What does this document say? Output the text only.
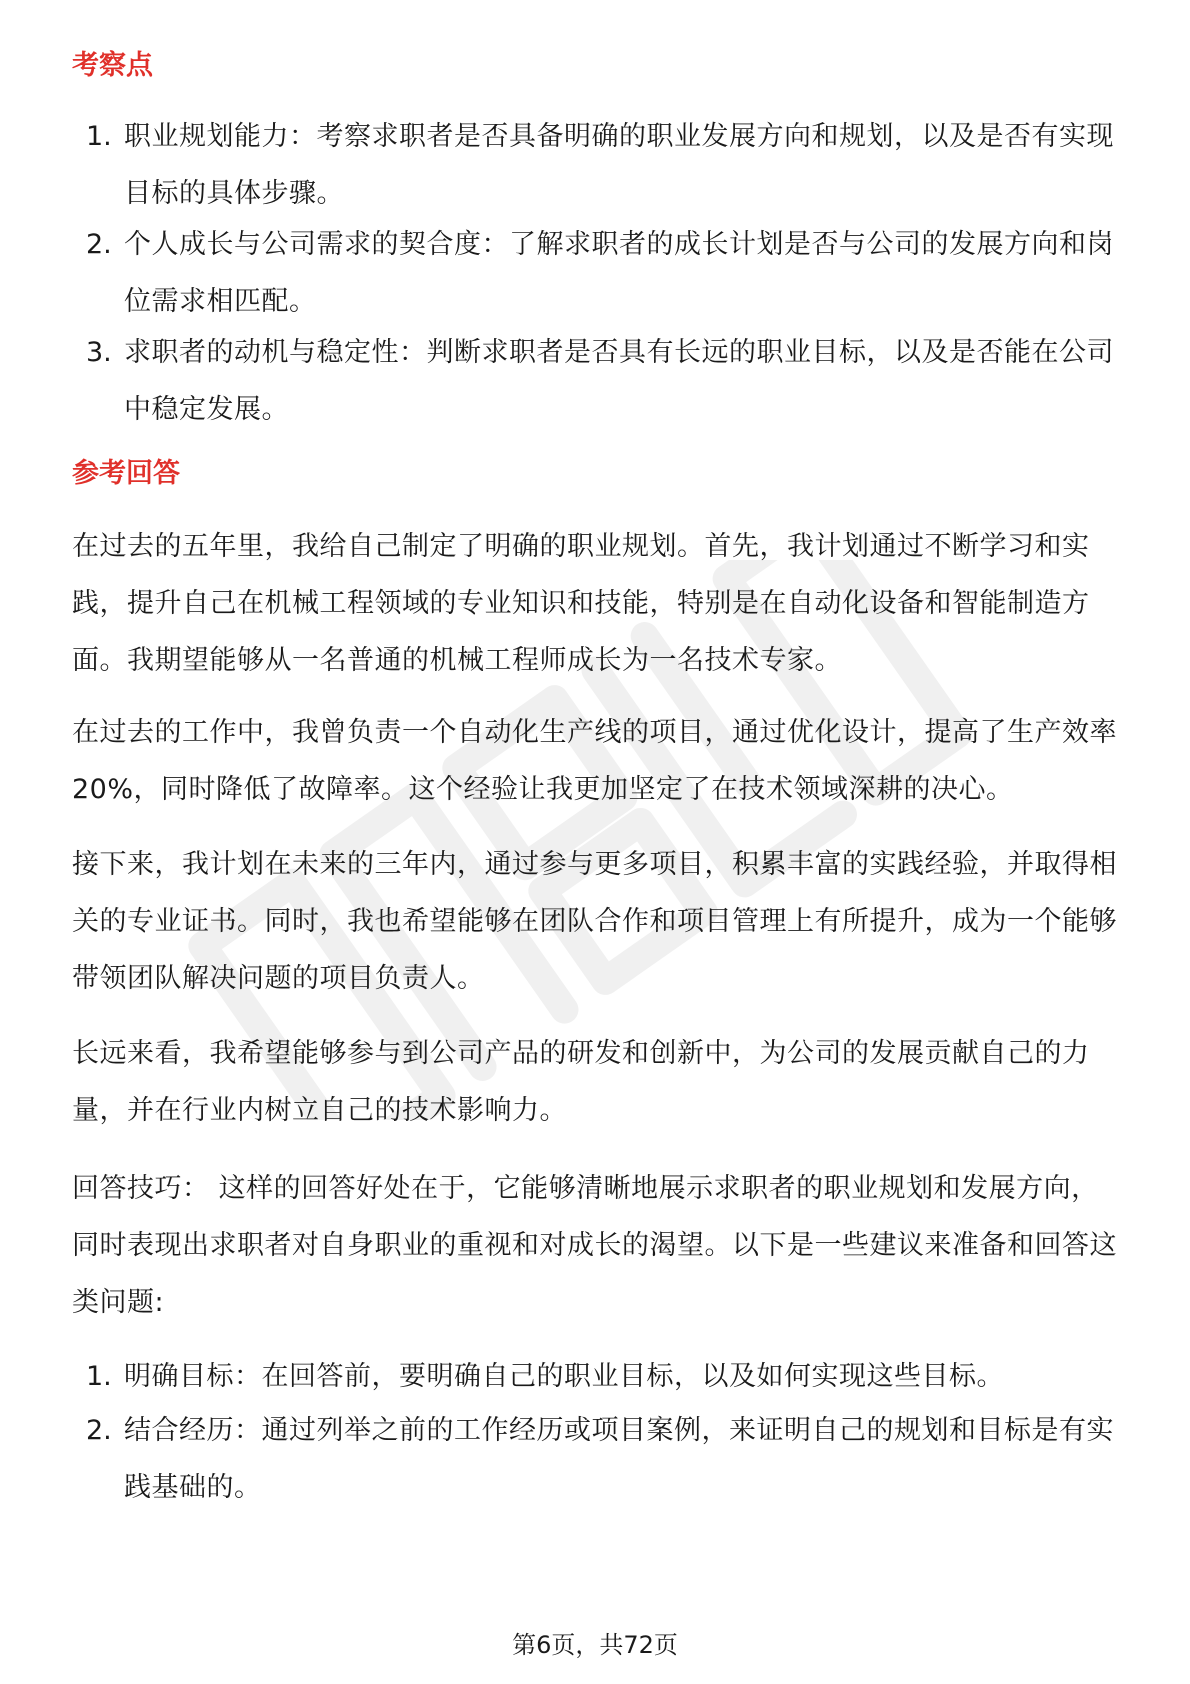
考察点
1. 职业规划能力：考察求职者是否具备明确的职业发展方向和规划，以及是否有实现目标的具体步骤。
2. 个人成长与公司需求的契合度：了解求职者的成长计划是否与公司的发展方向和岗位需求相匹配。
3. 求职者的动机与稳定性：判断求职者是否具有长远的职业目标，以及是否能在公司中稳定发展。
参考回答

在过去的五年里，我给自己制定了明确的职业规划。首先，我计划通过不断学习和实践，提升自己在机械工程领域的专业知识和技能，特别是在自动化设备和智能制造方面。我期望能够从一名普通的机械工程师成长为一名技术专家。

在过去的工作中，我曾负责一个自动化生产线的项目，通过优化设计，提高了生产效率20%，同时降低了故障率。这个经验让我更加坚定了在技术领域深耕的决心。

接下来，我计划在未来的三年内，通过参与更多项目，积累丰富的实践经验，并取得相关的专业证书。同时，我也希望能够在团队合作和项目管理上有所提升，成为一个能够带领团队解决问题的项目负责人。

长远来看，我希望能够参与到公司产品的研发和创新中，为公司的发展贡献自己的力量，并在行业内树立自己的技术影响力。

回答技巧： 这样的回答好处在于，它能够清晰地展示求职者的职业规划和发展方向，同时表现出求职者对自身职业的重视和对成长的渴望。以下是一些建议来准备和回答这类问题:

1. 明确目标：在回答前，要明确自己的职业目标，以及如何实现这些目标。
2. 结合经历：通过列举之前的工作经历或项目案例，来证明自己的规划和目标是有实践基础的。
第6页，共72页
